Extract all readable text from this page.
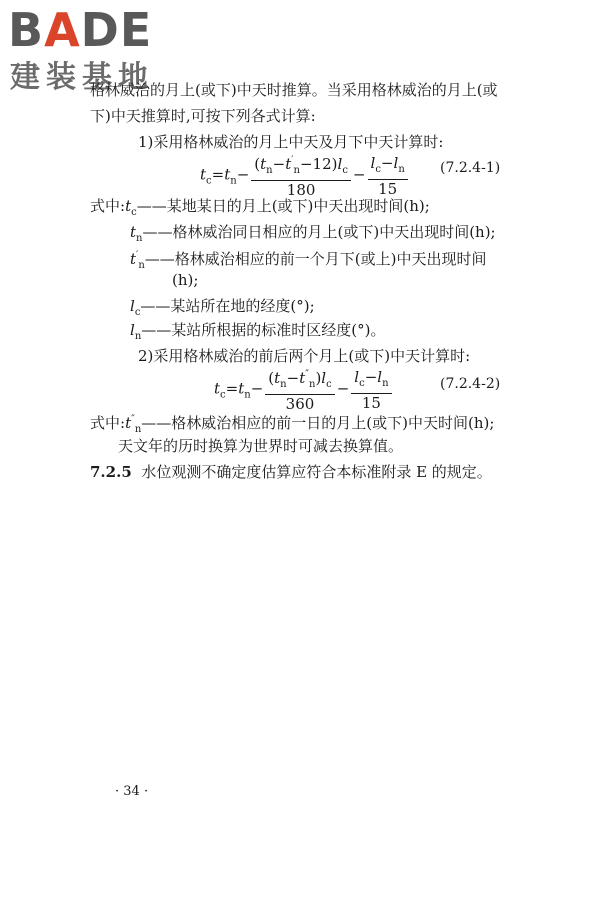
BADE
建装基地
格林威治的月上(或下)中天时推算。当采用格林威治的月上(或
下)中天推算时,可按下列各式计算:
1)采用格林威治的月上中天及月下中天计算时:
$t_c=t_n- \frac{(t_n-t'_n-12)l_c}{180} - \frac{l_c-l_n}{15} (7.2.4-1)$
式中$:t_c——$某地某日的月上(或下)中天出现时间(h);
$t_n——$格林威治同日相应的月上(或下)中天出现时间(h);
$t'_n——$格林威治相应的前一个月下(或上)中天出现时间
(h);
$l_c——$某站所在地的经度(°);
$l_n——$某站所根据的标准时区经度(°)。
2)采用格林威治的前后两个月上(或下)中天计算时:
$t_c=t_n- \frac{(t_n-t''_n)l_c}{360} - \frac{l_c-l_n}{15}$	(7.2.4-2)
式中$:t''_n——$格林威治相应的前一日的月上(或下)中天时间(h);
天文年的历时换算为世界时可减去换算值。
7.2.5 水位观测不确定度估算应符合本标准附录 E 的规定。
· 34 ·
